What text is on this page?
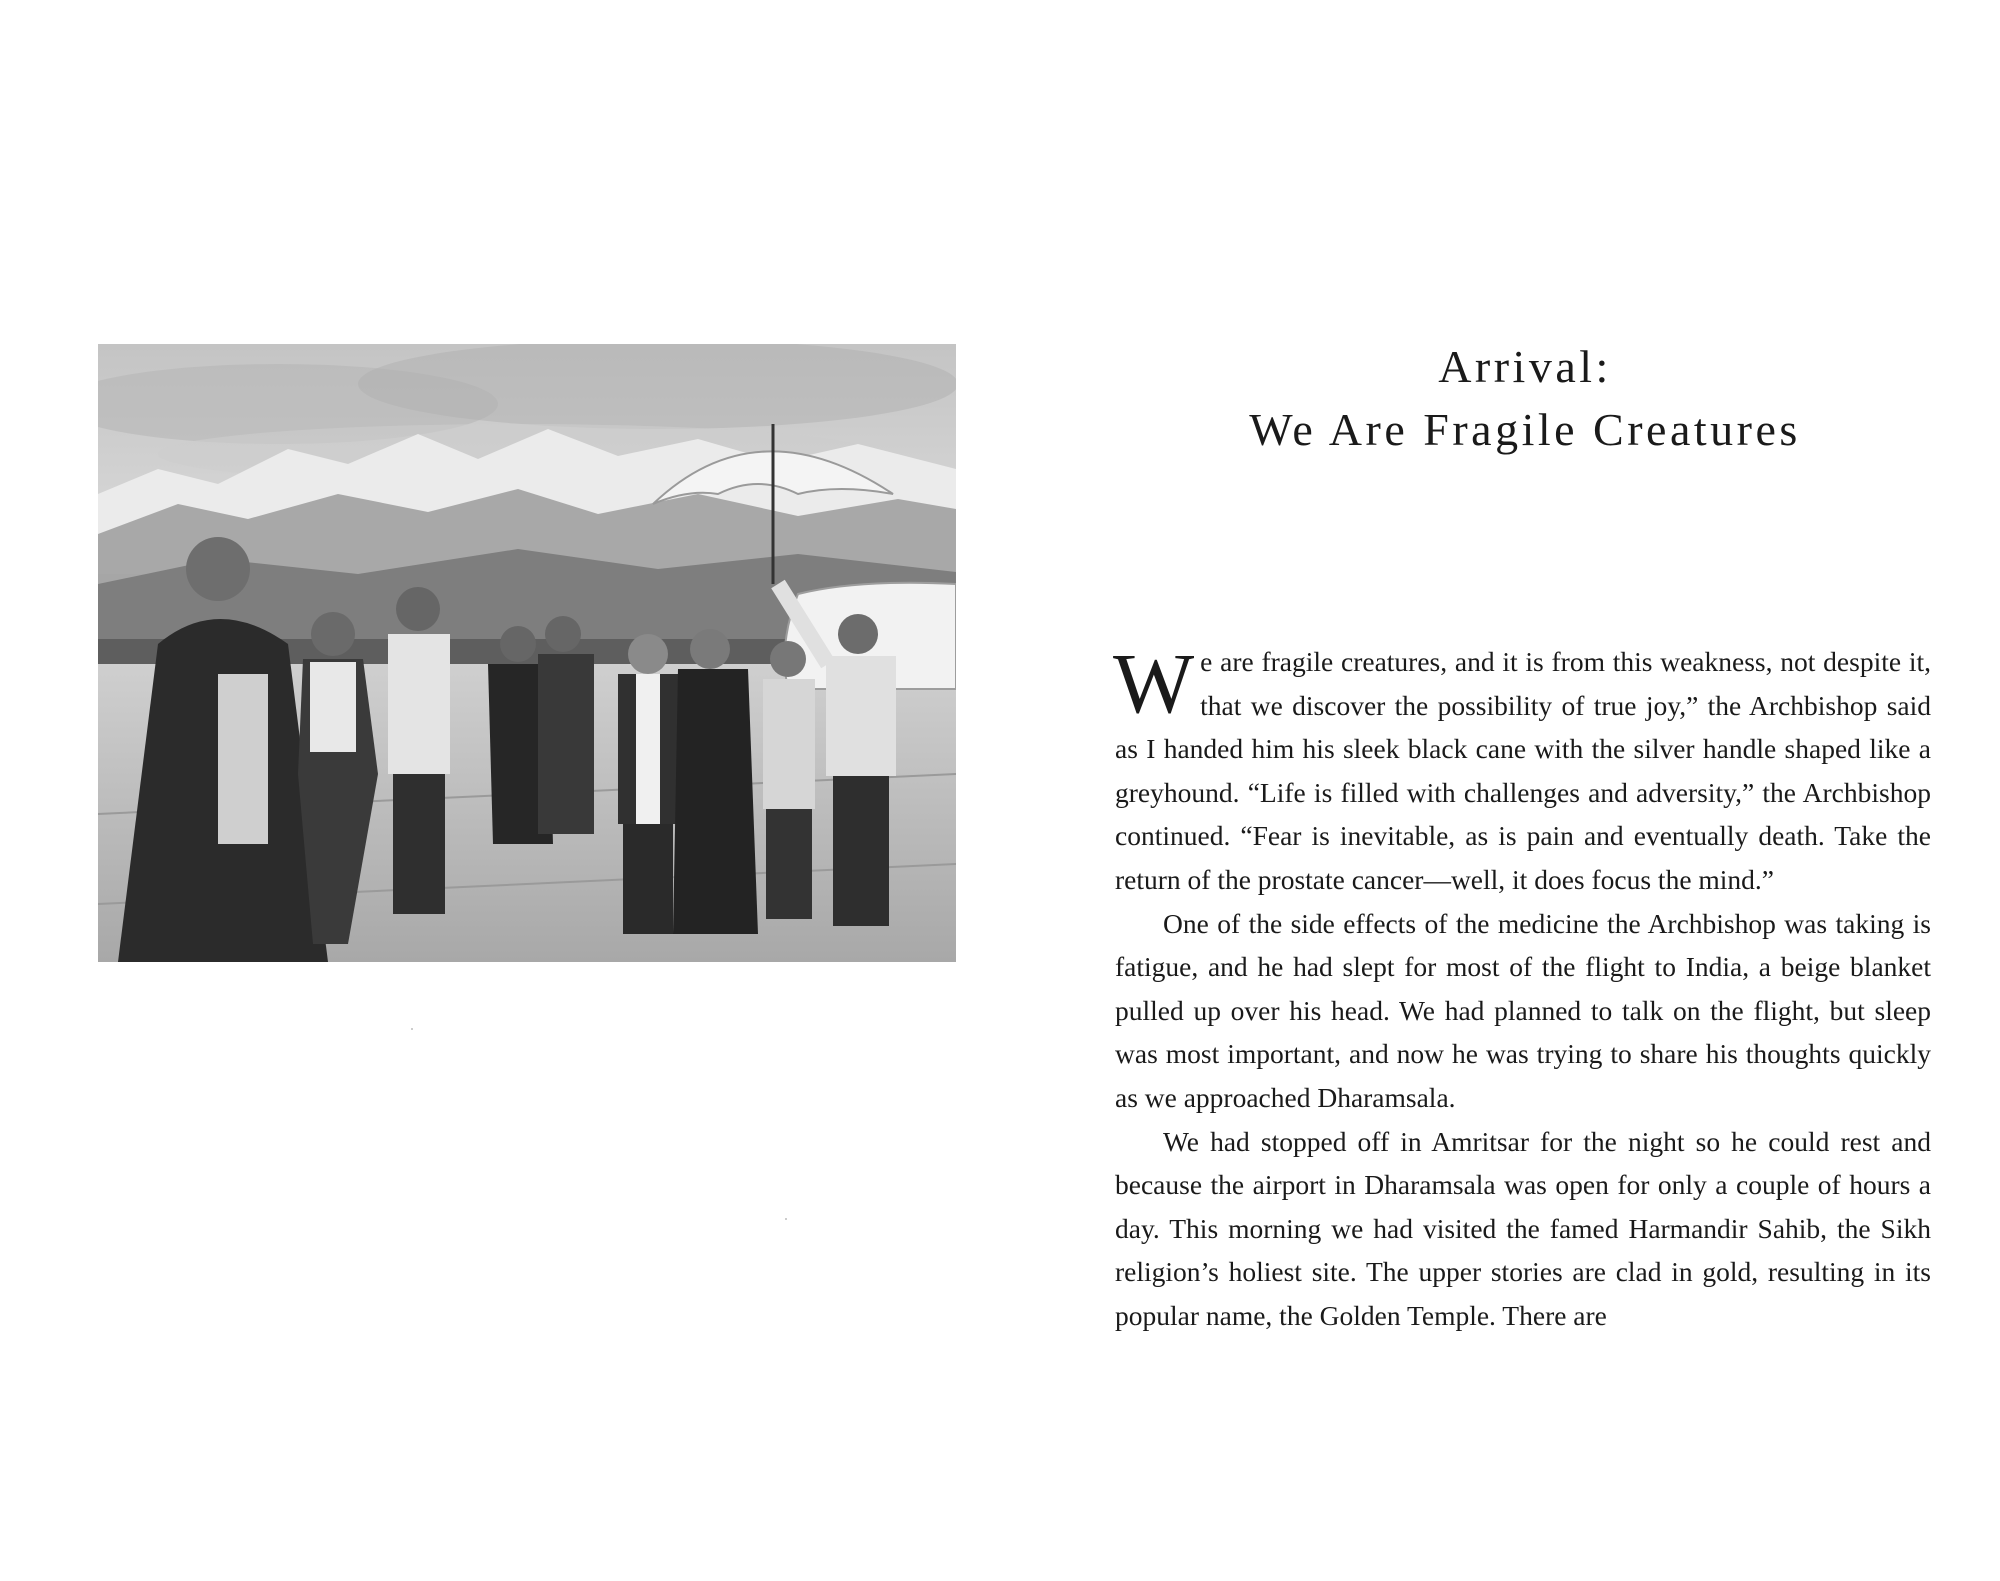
Arrival:
We Are Fragile Creatures

We are fragile creatures, and it is from this weakness, not despite it, that we discover the possibility of true joy,” the Archbishop said as I handed him his sleek black cane with the silver handle shaped like a greyhound. “Life is filled with challenges and adversity,” the Archbishop continued. “Fear is inevitable, as is pain and eventually death. Take the return of the prostate cancer—well, it does focus the mind.”

One of the side effects of the medicine the Archbishop was taking is fatigue, and he had slept for most of the flight to India, a beige blanket pulled up over his head. We had planned to talk on the flight, but sleep was most important, and now he was trying to share his thoughts quickly as we approached Dharamsala.

We had stopped off in Amritsar for the night so he could rest and because the airport in Dharamsala was open for only a couple of hours a day. This morning we had visited the famed Harmandir Sahib, the Sikh religion’s holiest site. The upper stories are clad in gold, resulting in its popular name, the Golden Temple. There are
